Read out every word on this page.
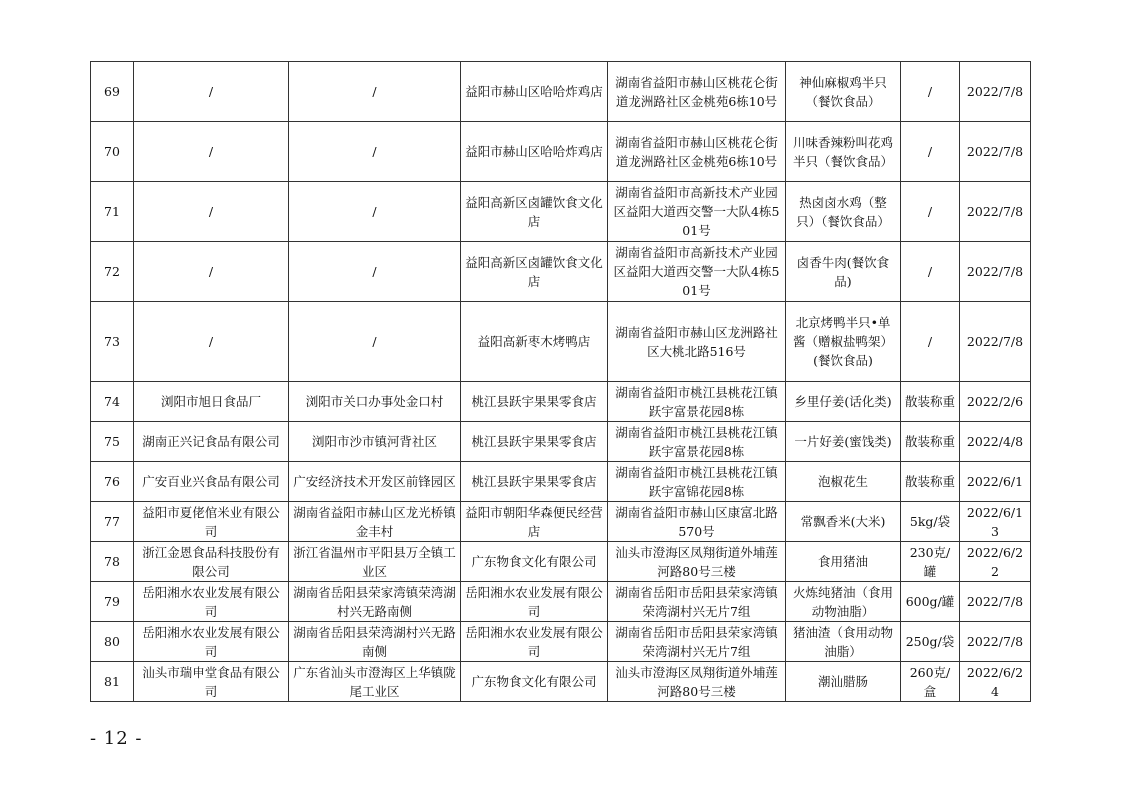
69	/	/	益阳市赫山区哈哈炸鸡店	湖南省益阳市赫山区桃花仑街道龙洲路社区金桃苑6栋10号	神仙麻椒鸡半只（餐饮食品）	/	2022/7/8
70	/	/	益阳市赫山区哈哈炸鸡店	湖南省益阳市赫山区桃花仑街道龙洲路社区金桃苑6栋10号	川味香辣粉叫花鸡半只（餐饮食品）	/	2022/7/8
71	/	/	益阳高新区卤罐饮食文化店	湖南省益阳市高新技术产业园区益阳大道西交警一大队4栋501号	热卤卤水鸡（整只）（餐饮食品）	/	2022/7/8
72	/	/	益阳高新区卤罐饮食文化店	湖南省益阳市高新技术产业园区益阳大道西交警一大队4栋501号	卤香牛肉(餐饮食品)	/	2022/7/8
73	/	/	益阳高新枣木烤鸭店	湖南省益阳市赫山区龙洲路社区大桃北路516号	北京烤鸭半只•单酱（赠椒盐鸭架）(餐饮食品)	/	2022/7/8
74	浏阳市旭日食品厂	浏阳市关口办事处金口村	桃江县跃宇果果零食店	湖南省益阳市桃江县桃花江镇跃宇富景花园8栋	乡里仔姜(话化类)	散装称重	2022/2/6
75	湖南正兴记食品有限公司	浏阳市沙市镇河背社区	桃江县跃宇果果零食店	湖南省益阳市桃江县桃花江镇跃宇富景花园8栋	一片好姜(蜜饯类)	散装称重	2022/4/8
76	广安百业兴食品有限公司	广安经济技术开发区前锋园区	桃江县跃宇果果零食店	湖南省益阳市桃江县桃花江镇跃宇富锦花园8栋	泡椒花生	散装称重	2022/6/1
77	益阳市夏佬倌米业有限公司	湖南省益阳市赫山区龙光桥镇金丰村	益阳市朝阳华森便民经营店	湖南省益阳市赫山区康富北路570号	常飘香米(大米)	5kg/袋	2022/6/13
78	浙江金恩食品科技股份有限公司	浙江省温州市平阳县万全镇工业区	广东物食文化有限公司	汕头市澄海区凤翔街道外埔莲河路80号三楼	食用猪油	230克/罐	2022/6/22
79	岳阳湘水农业发展有限公司	湖南省岳阳县荣家湾镇荣湾湖村兴无路南侧	岳阳湘水农业发展有限公司	湖南省岳阳市岳阳县荣家湾镇荣湾湖村兴无片7组	火炼纯猪油（食用动物油脂）	600g/罐	2022/7/8
80	岳阳湘水农业发展有限公司	湖南省岳阳县荣湾湖村兴无路南侧	岳阳湘水农业发展有限公司	湖南省岳阳市岳阳县荣家湾镇荣湾湖村兴无片7组	猪油渣（食用动物油脂）	250g/袋	2022/7/8
81	汕头市瑞申堂食品有限公司	广东省汕头市澄海区上华镇陇尾工业区	广东物食文化有限公司	汕头市澄海区凤翔街道外埔莲河路80号三楼	潮汕腊肠	260克/盒	2022/6/24
- 12 -
